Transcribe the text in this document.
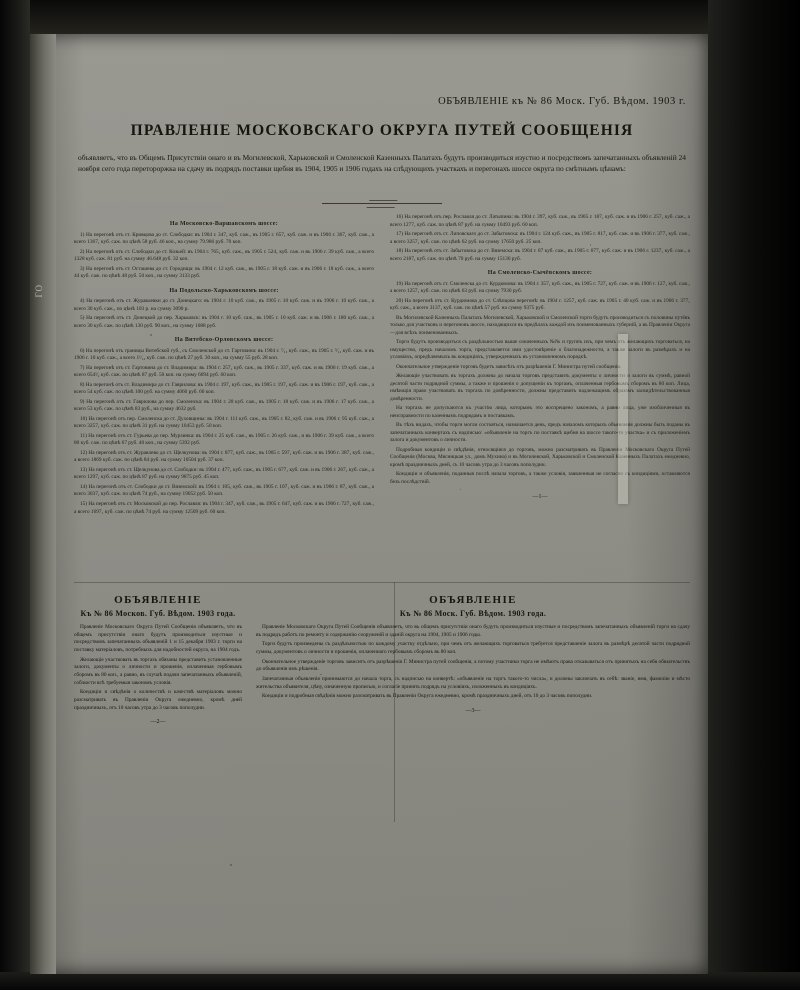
ГО
ОБЪЯВЛЕНІЕ къ № 86 Моск. Губ. Вѣдом. 1903 г.
ПРАВЛЕНІЕ МОСКОВСКАГО ОКРУГА ПУТЕЙ СООБЩЕНІЯ
объявляетъ, что въ Общемъ Присутствіи онаго и въ Могилевской, Харьковской и Смоленской Казенныхъ Палатахъ будутъ производиться изустно и посредствомъ запечатанныхъ объявленій 24 ноября сего года перетороржка на сдачу въ подрядъ поставки щебня въ 1904, 1905 и 1906 годахъ на слѣдующихъ участкахъ и перегонахъ шоссе округа по смѣтнымъ цѣнамъ:
На Московско-Варшавскомъ шоссе:

1) На перегонѣ отъ ст. Кривцова до ст. Слободки: въ 1904 г. 347₁ куб. саж., въ 1905 г. 657₁ куб. саж. и въ 1906 г. 367₁ куб. саж., а всего 1367₁ куб. саж. по цѣнѣ 58 руб. 46 коп., на сумму 79.986 руб. 70 коп.

2) На перегонѣ отъ ст. Слободки до ст. Козьей: въ 1904 г. 765₁ куб. саж., въ 1905 г. 524₁ куб. саж. и въ 1906 г. 39 куб. саж., а всего 1328 куб. саж. 81 руб. на сумму 46.648 руб. 32 коп.

3) На перегонѣ отъ ст. Осташева до ст. Городища: въ 1904 г. 12 куб. саж., въ 1905 г. 18 куб. саж. и въ 1906 г. 18 куб. саж., а всего 44 куб. саж. по цѣнѣ 48 руб. 50 коп., на сумму 3133 руб.

На Подольско-Харьковскомъ шоссе:

4) На перегонѣ отъ ст. Журавлевки до ст. Донецкаго: въ 1904 г. 10 куб. саж., въ 1905 г. 10 куб. саж. и въ 1906 г. 10 куб. саж., а всего 30 куб. саж., по цѣнѣ 103 р. на сумму 3090 р.

5) На перегонѣ отъ ст. Донецкой до пер. Харьковск: въ 1904 г. 10 куб. саж., въ 1905 г. 10 куб. саж. и въ 1906 г. 180 куб. саж., а всего 30 куб. саж. по цѣнѣ 130 руб. 90 коп., на сумму 1088 руб.

На Витебско-Орловскомъ шоссе:

6) На перегонѣ отъ границы Витебской губ., съ Смоленской до ст. Гартовина: въ 1904 г. ⁷⁄₁₂ куб. саж., въ 1905 г. ⁵⁄₁₂ куб. саж. и въ 1906 г. 10 куб. саж., а всего 1¹⁄₁₂ куб. саж. по цѣнѣ 27 руб. 30 коп., на сумму 55 руб. 28 коп.

7) На перегонѣ отъ ст. Гартовина до ст. Владимира: въ 1904 г. 257₁ куб. саж., въ 1905 г. 337₁ куб. саж. и въ 1906 г. 19 куб. саж., а всего 654¹⁄₂ куб. саж. по цѣнѣ 87 руб. 50 коп. на сумму 6094 руб. 60 коп.

8) На перегонѣ отъ ст. Владимира до ст. Гаврилова: въ 1904 г. 197₁ куб. саж., въ 1905 г. 197₁ куб. саж. и въ 1906 г. 197₁ куб. саж., а всего 54 куб. саж. по цѣнѣ 100 руб. на сумму 4060 руб. 60 коп.

9) На перегонѣ отъ ст. Гаврилова до пер. Смоленска: въ 1904 г. 20 куб. саж., въ 1905 г. 18 куб. саж. и въ 1906 г. 17 куб. саж., а всего 53 куб. саж. по цѣнѣ 83 руб., на сумму 4632 руб.

10) На перегонѣ отъ пер. Смоленска до ст. Духовщины: въ 1904 г. 111 куб. саж., въ 1905 г. 82₁ куб. саж. и въ 1906 г. 95 куб. саж., а всего 3257₁ куб. саж. по цѣнѣ 31 руб. на сумму 10453 руб. 50 коп.

11) На перегонѣ отъ ст. Гурьева до пер. Мурзинка: въ 1904 г. 25 куб. саж., въ 1905 г. 26 куб. саж., и въ 1906 г. 39 куб. саж., а всего 80 куб. саж. по цѣнѣ 67 руб. 40 коп., на сумму 5392 руб.

12) На перегонѣ отъ ст. Журавлево до ст. Щелкунова: въ 1904 г. 877₁ куб. саж., въ 1905 г. 597₁ куб. саж. и въ 1906 г. 387₁ куб. саж., а всего 1869 куб. саж. по цѣнѣ 84 руб. на сумму 10504 руб. 37 коп.

13) На перегонѣ отъ ст. Щелкунова до ст. Слободки: въ 1904 г. 477₁ куб. саж., въ 1905 г. 677₁ куб. саж. и въ 1906 г. 267₁ куб. саж., а всего 1297₁ куб. саж. по цѣнѣ 87 руб. на сумму 9875 руб. 45 коп.

14) На перегонѣ отъ ст. Слободки до ст. Вяземской: въ 1904 г. 105₁ куб. саж., въ 1905 г. 107₁ куб. саж. и въ 1906 г. 87₁ куб. саж., а всего 3037₁ куб. саж. по цѣнѣ 74 руб., на сумму 19052 руб. 50 коп.

15) На перегонѣ отъ ст. Московской до пер. Рославля: въ 1904 г. 347₁ куб. саж., въ 1905 г. 647₁ куб. саж. и въ 1906 г. 727₁ куб. саж., а всего 1697₁ куб. саж. по цѣнѣ 74 руб. на сумму 12509 руб. 60 коп.

16) На перегонѣ отъ пер. Рославля до ст. Латыпина: въ 1904 г. 397₁ куб. саж., въ 1905 г. 187₁ куб. саж. и въ 1906 г. 257₁ куб. саж., а всего 1277₁ куб. саж. по цѣнѣ 87 руб. на сумму 10493 руб. 60 коп.

17) На перегонѣ отъ ст. Липовскаго до ст. Забытовска: въ 1904 г. 124 куб. саж., въ 1905 г. 817₁ куб. саж. и въ 1906 г. 377₁ куб. саж., а всего 3257₁ куб. саж. по цѣнѣ 62 руб. на сумму 17650 руб. 25 коп.

18) На перегонѣ отъ ст. Забытовска до ст. Вяземска: въ 1904 г. 87 куб. саж., въ 1905 г. 677₁ куб. саж. и въ 1906 г. 1237₁ куб. саж., а всего 2187₁ куб. саж. по цѣнѣ 70 руб. на сумму 15130 руб.

На Смоленско-Сычёвскомъ шоссе:

19) На перегонѣ отъ ст. Смоленска до ст. Курдюмова: въ 1904 г. 357₁ куб. саж., въ 1905 г. 727₁ куб. саж. и въ 1906 г. 127₁ куб. саж., а всего 1257₁ куб. саж. по цѣнѣ 63 руб. на сумму 7930 руб.

20) На перегонѣ отъ ст. Курдюмова до ст. Слѣпцова перегонѣ: въ 1904 г. 1257₁ куб. саж. въ 1905 г. 40 куб. саж. и въ 1906 г. 377₁ куб. саж., а всего 3137₁ куб. саж. по цѣнѣ 57 руб. на сумму 9375 руб.

Въ Могилевской Казенныхъ Палатахъ Могилевской, Харьковской и Смоленской торги будутъ производиться съ половины путёвъ только для участковъ и перегоновъ шоссе, находящихся въ предѣлахъ каждой изъ поименованныхъ губерній, а въ Правленіи Округа—для всѣхъ поименованныхъ.

Торги будутъ производиться съ раздѣльностью выше означенныхъ №№ и группъ ихъ, при чемъ отъ желающихъ торговаться, на имущество, предъ началомъ торга, представляется ими удостовѣреніе о благонадежности, а также залоги въ размѣрахъ и на условіяхъ, опредѣляемыхъ въ кондиціяхъ, утвержденныхъ въ установленномъ порядкѣ.

Окончательное утвержденіе торговъ будетъ зависѣть отъ разрѣшенія Г. Министра путей сообщенія.

Желающіе участвовать въ торгахъ должны до начала торговъ представить документы о личности и залоги въ суммѣ, равной десятой части подрядной суммы, а также и прошенія о допущеніи къ торгамъ, оплаченныя гербовымъ сборомъ въ 80 коп. Лица, имѣющія право участвовать въ торгахъ по довѣренности, должны представить надлежащимъ образомъ засвидѣтельствованныя довѣренности.

На торгахъ не допускаются къ участію лица, которымъ это воспрещено закономъ, а равно лица, уже изобличенныя въ неисправности по казеннымъ подрядамъ и поставкамъ.

Въ тѣхъ видахъ, чтобы торги могли состояться, назначается день, предъ началомъ которыхъ объявленія должны быть поданы въ запечатанныхъ конвертахъ съ надписью: «объявленіе на торгъ по поставкѣ щебня на шоссе такого-то участка» и съ приложеніемъ залога и документовъ о личности.

Подробныя кондиціи и свѣдѣнія, относящіяся до торговъ, можно разсматривать въ Правленіи Московскаго Округа Путей Сообщенія (Москва, Мясницкая ул., домъ Мухина) и въ Могилевской, Харьковской и Смоленской Казенныхъ Палатахъ ежедневно, кромѣ праздничныхъ дней, съ 10 часовъ утра до 3 часовъ пополудни.

Кондиціи и объявленія, поданныя послѣ начала торговъ, а также условія, заявленныя не согласно съ кондиціями, оставляются безъ послѣдствій.

—1—
ОБЪЯВЛЕНІЕ
Къ № 86 Москов. Губ. Вѣдом. 1903 года.

Правленіе Московскаго Округа Путей Сообщенія объявляетъ, что въ общемъ присутствіи онаго будутъ производиться изустные и посредствомъ запечатанныхъ объявленій 1 и 15 декабря 1903 г. торги на поставку матеріаловъ, потребныхъ для надобностей округа, на 1904 годъ.

Желающіе участвовать въ торгахъ обязаны представить установленные залоги, документы о личности и прошенія, оплаченныя гербовымъ сборомъ въ 80 коп., а равно, въ случаѣ подачи запечатанныхъ объявленій, соблюсти всѣ требуемыя закономъ условія.

Кондиціи и свѣдѣнія о количествѣ и качествѣ матеріаловъ можно разсматривать въ Правленіи Округа ежедневно, кромѣ дней праздничныхъ, отъ 10 часовъ утра до 3 часовъ пополудни.

—2—
ОБЪЯВЛЕНІЕ
Къ № 86 Моск. Губ. Вѣдом. 1903 года.

Правленіе Московскаго Округа Путей Сообщенія объявляетъ, что въ общемъ присутствіи онаго будутъ производиться изустные и посредствомъ запечатанныхъ объявленій торги на сдачу въ подрядъ работъ по ремонту и содержанію сооруженій и зданій округа на 1904, 1905 и 1906 годы.

Торги будутъ произведены съ раздѣльностью по каждому участку отдѣльно, при чемъ отъ желающихъ торговаться требуется представленіе залога въ размѣрѣ десятой части подрядной суммы, документовъ о личности и прошенія, оплаченнаго гербовымъ сборомъ въ 80 коп.

Окончательное утвержденіе торговъ зависитъ отъ разрѣшенія Г. Министра путей сообщенія, а потому участники торга не имѣютъ права отказываться отъ принятыхъ на себя обязательствъ до объявленія имъ рѣшенія.

Запечатанныя объявленія принимаются до начала торга, съ надписью на конвертѣ: «объявленіе на торгъ такого-то числа», и должны заключать въ себѣ: званіе, имя, фамилію и мѣсто жительства объявителя, цѣну, означенную прописью, и согласіе принять подрядъ на условіяхъ, изложенныхъ въ кондиціяхъ.

Кондиціи и подробныя свѣдѣнія можно разсматривать въ Правленіи Округа ежедневно, кромѣ праздничныхъ дней, отъ 10 до 3 часовъ пополудни.

—3—
